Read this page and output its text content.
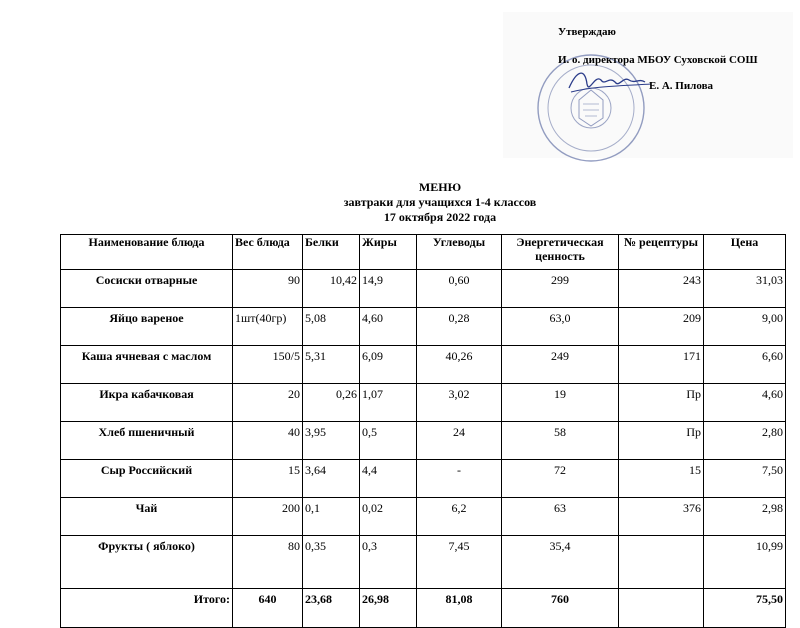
Утверждаю
И. о. директора МБОУ Суховской СОШ
Е. А. Пилова
МЕНЮ
завтраки для учащихся 1-4 классов
17 октября 2022 года
Наименование блюда	Вес блюда	Белки	Жиры	Углеводы	Энергетическая ценность	№ рецептуры	Цена
Сосиски отварные	90	10,42	14,9	0,60	299	243	31,03
Яйцо вареное	1шт(40гр)	5,08	4,60	0,28	63,0	209	9,00
Каша ячневая с маслом	150/5	5,31	6,09	40,26	249	171	6,60
Икра кабачковая	20	0,26	1,07	3,02	19	Пр	4,60
Хлеб пшеничный	40	3,95	0,5	24	58	Пр	2,80
Сыр Российский	15	3,64	4,4	-	72	15	7,50
Чай	200	0,1	0,02	6,2	63	376	2,98
Фрукты ( яблоко)	80	0,35	0,3	7,45	35,4		10,99
Итого:	640	23,68	26,98	81,08	760		75,50
